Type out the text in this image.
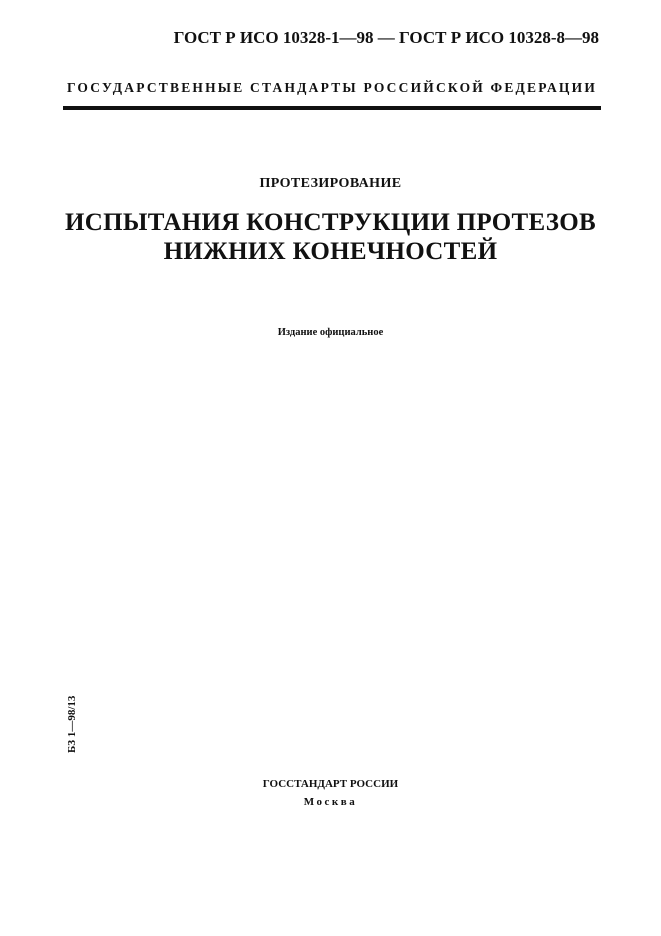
ГОСТ Р ИСО 10328-1—98 — ГОСТ Р ИСО 10328-8—98
ГОСУДАРСТВЕННЫЕ СТАНДАРТЫ РОССИЙСКОЙ ФЕДЕРАЦИИ
ПРОТЕЗИРОВАНИЕ
ИСПЫТАНИЯ КОНСТРУКЦИИ ПРОТЕЗОВ
НИЖНИХ КОНЕЧНОСТЕЙ
Издание официальное
БЗ 1—98/13
ГОССТАНДАРТ РОССИИ
Москва
